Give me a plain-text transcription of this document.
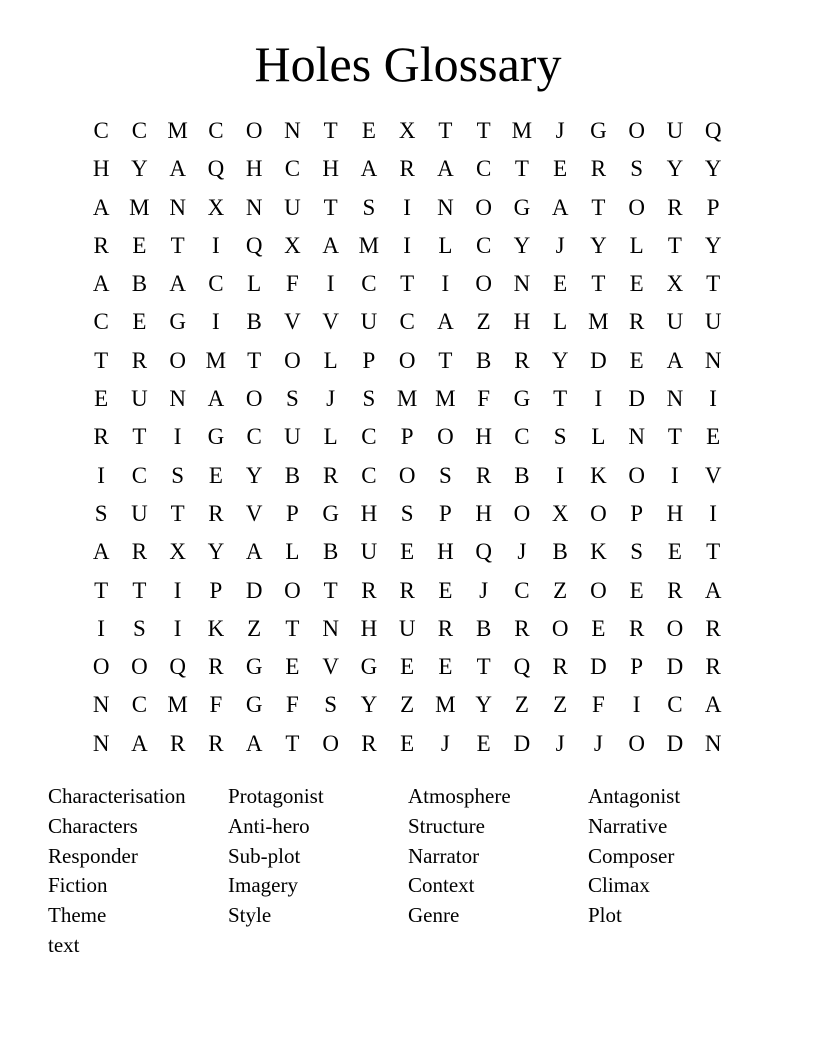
Holes Glossary
C C M C O N T	E X T	T M	J	G O U Q
H Y A Q H C H A R A C	T	E	R	S	Y Y
A M N X N U T	S	I	N O G A T O R	P
R	E	T	I	Q X A M	I	L	C Y	J	Y L	T Y
A B A C	L	F	I	C	T	I	O N E	T	E X T
C	E G	I	B V V U C A Z H L M R U U
T	R O M T O L	P	O T	B R Y D E A N
E U N A O	S	J	S M M F	G T	I	D N	I
R	T	I	G C U L	C	P	O H C	S	L N T	E
I	C	S	E Y B R C O	S	R B	I	K O	I	V
S	U T	R V	P	G H	S	P	H O X O	P	H	I
A R X Y A L	B U E H Q	J	B K	S	E	T
T	T	I	P	D O T	R R	E	J	C	Z O E	R A
I	S	I	K Z	T N H U R B R O E	R O R
O O Q R G E V G E	E	T Q R D	P	D R
N C M F	G	F	S	Y Z M Y Z	Z	F	I	C A
N A R R A T O R	E	J	E D	J	J	O D N
Characterisation	Protagonist	Atmosphere	Antagonist
Characters	Anti-hero	Structure	Narrative
Responder	Sub-plot	Narrator	Composer
Fiction	Imagery	Context	Climax
Theme	Style	Genre	Plot
text
